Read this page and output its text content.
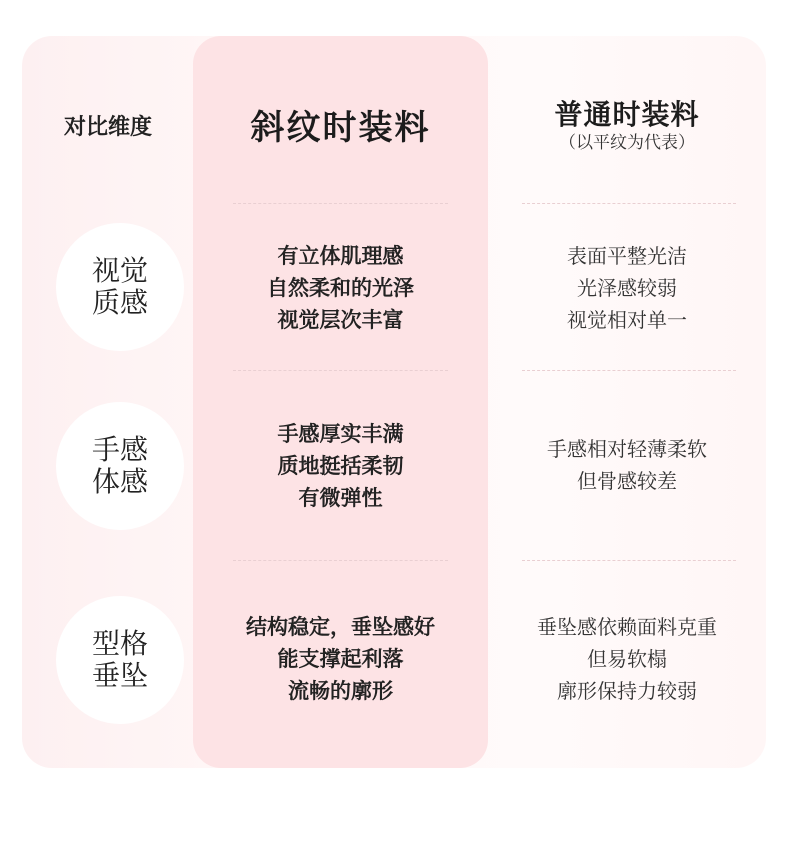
对比维度	斜纹时装料	普通时装料
（以平纹为代表）
视觉质感
有立体肌理感
自然柔和的光泽
视觉层次丰富
表面平整光洁
光泽感较弱
视觉相对单一
手感体感
手感厚实丰满
质地挺括柔韧
有微弹性
手感相对轻薄柔软
但骨感较差
型格垂坠
结构稳定，垂坠感好
能支撑起利落
流畅的廓形
垂坠感依赖面料克重
但易软榻
廓形保持力较弱
